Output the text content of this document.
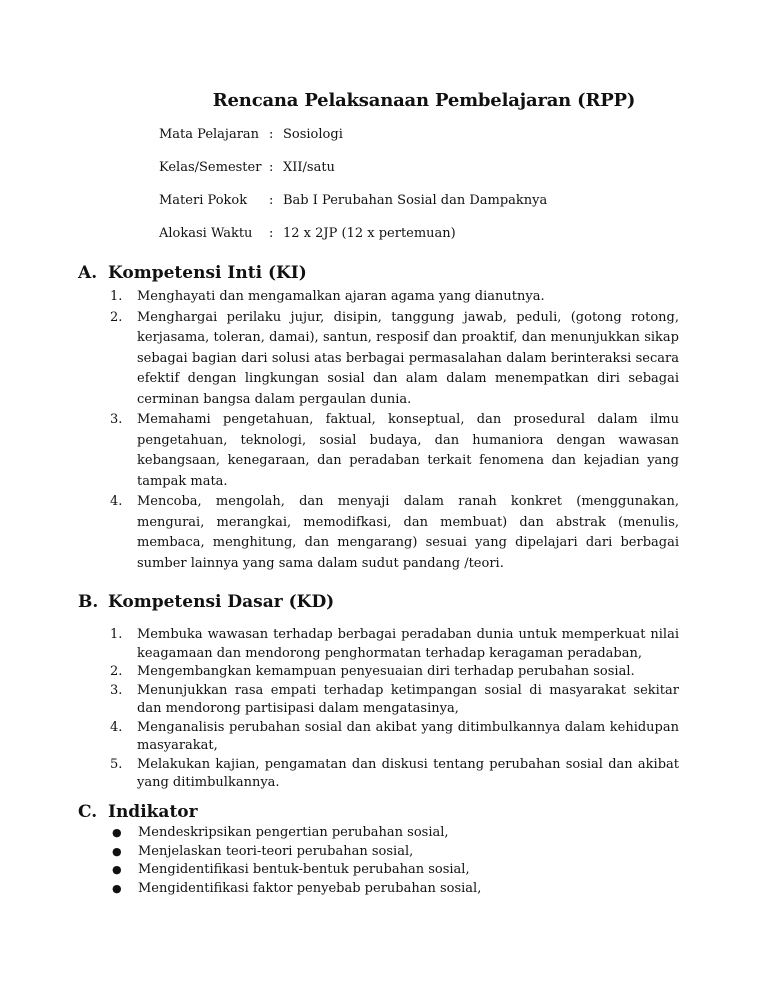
Rencana Pelaksanaan Pembelajaran (RPP)
Mata Pelajaran : Sosiologi
Kelas/Semester : XII/satu
Materi Pokok	: Bab I Perubahan Sosial dan Dampaknya
Alokasi Waktu	: 12 x 2JP (12 x pertemuan)
A. Kompetensi Inti (KI)
1.	Menghayati dan mengamalkan ajaran agama yang dianutnya.
2.	Menghargai perilaku jujur, disipin, tanggung jawab, peduli, (gotong rotong, kerjasama, toleran, damai), santun, resposif dan proaktif, dan menunjukkan sikap sebagai bagian dari solusi atas berbagai permasalahan dalam berinteraksi secara efektif dengan lingkungan sosial dan alam dalam menempatkan diri sebagai cerminan bangsa dalam pergaulan dunia.
3.	Memahami pengetahuan, faktual, konseptual, dan prosedural dalam ilmu pengetahuan, teknologi, sosial budaya, dan humaniora dengan wawasan kebangsaan, kenegaraan, dan peradaban terkait fenomena dan kejadian yang tampak mata.
4.	Mencoba, mengolah, dan menyaji dalam ranah konkret (menggunakan, mengurai, merangkai, memodifkasi, dan membuat) dan abstrak (menulis, membaca, menghitung, dan mengarang) sesuai yang dipelajari dari berbagai sumber lainnya yang sama dalam sudut pandang /teori.
B. Kompetensi Dasar (KD)
1.	Membuka wawasan terhadap berbagai peradaban dunia untuk memperkuat nilai keagamaan dan mendorong penghormatan terhadap keragaman peradaban,
2.	Mengembangkan kemampuan penyesuaian diri terhadap perubahan sosial.
3.	Menunjukkan rasa empati terhadap ketimpangan sosial di masyarakat sekitar dan mendorong partisipasi dalam mengatasinya,
4.	Menganalisis perubahan sosial dan akibat yang ditimbulkannya dalam kehidupan masyarakat,
5.	Melakukan kajian, pengamatan dan diskusi tentang perubahan sosial dan akibat yang ditimbulkannya.
C. Indikator
●	Mendeskripsikan pengertian perubahan sosial,
●	Menjelaskan teori-teori perubahan sosial,
●	Mengidentifikasi bentuk-bentuk perubahan sosial,
●	Mengidentifikasi faktor penyebab perubahan sosial,
